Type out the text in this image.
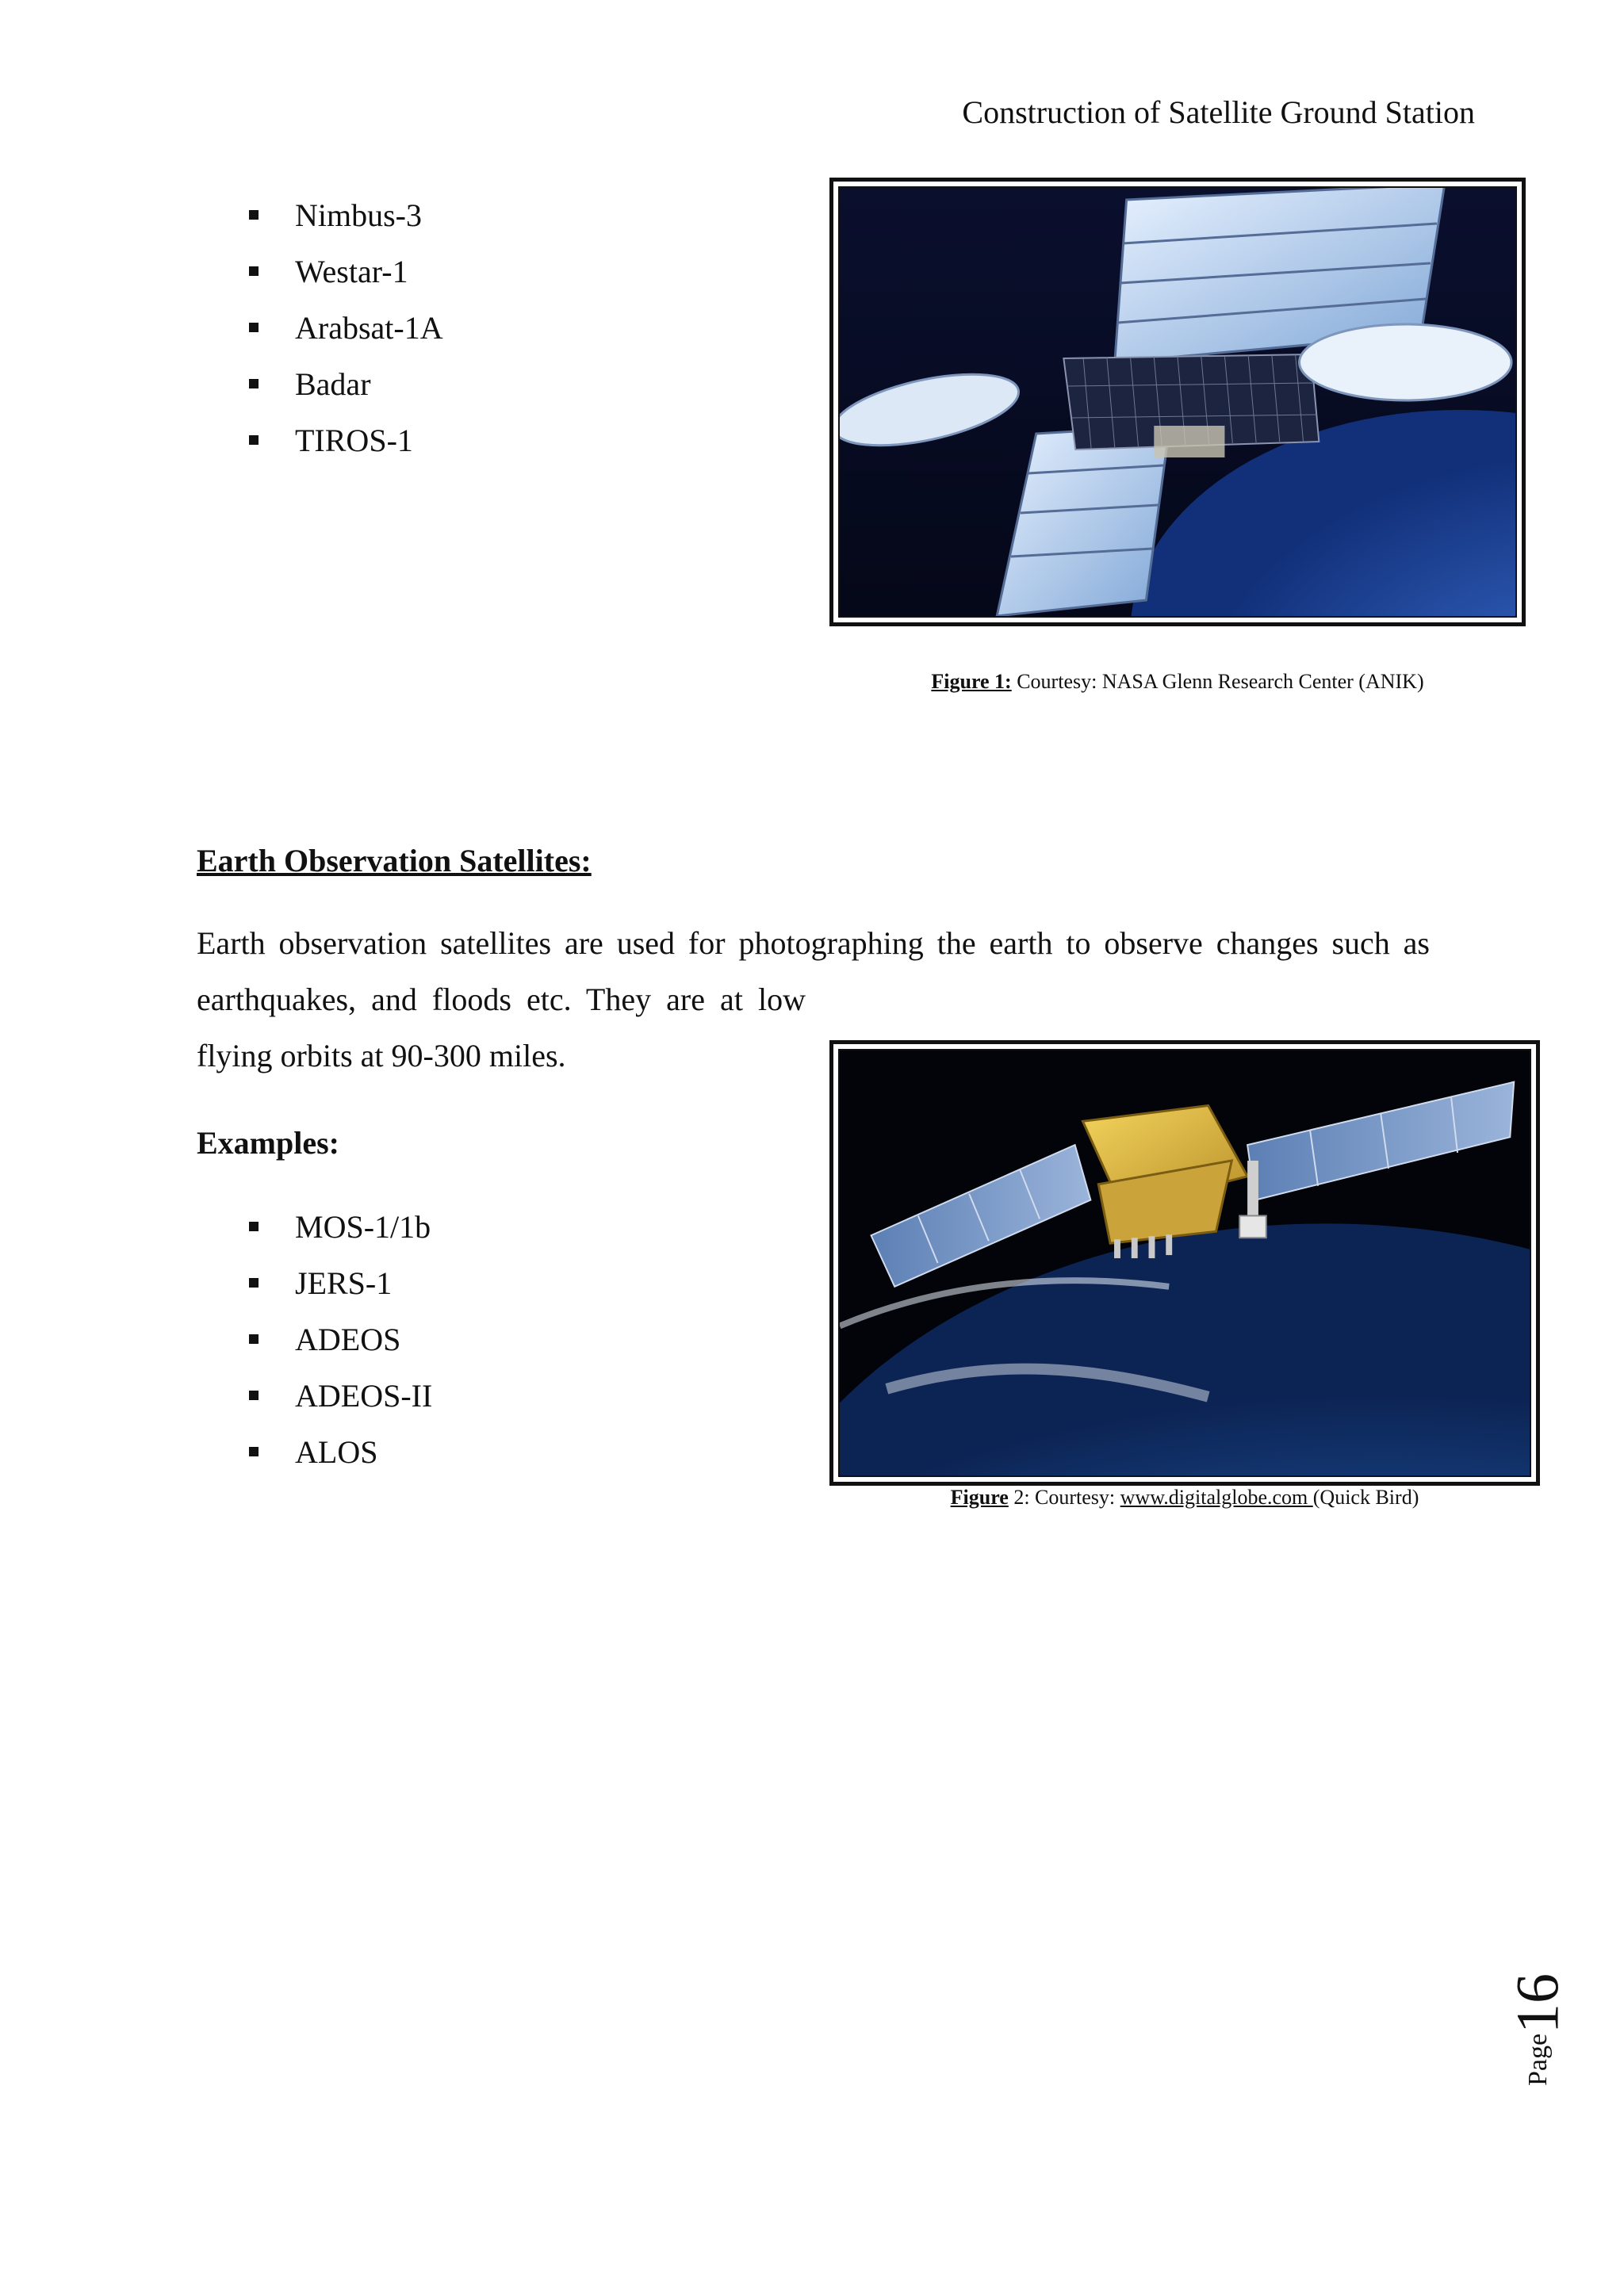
Construction of Satellite Ground Station
Nimbus-3
Westar-1
Arabsat-1A
Badar
TIROS-1
Figure 1: Courtesy: NASA Glenn Research Center (ANIK)
Earth Observation Satellites:
Earth observation satellites are used for photographing the earth to observe changes such as
earthquakes, and floods etc. They are at low
flying orbits at 90-300 miles.
Examples:
MOS-1/1b
JERS-1
ADEOS
ADEOS-II
ALOS
Figure 2: Courtesy: www.digitalglobe.com (Quick Bird)
Page
16
